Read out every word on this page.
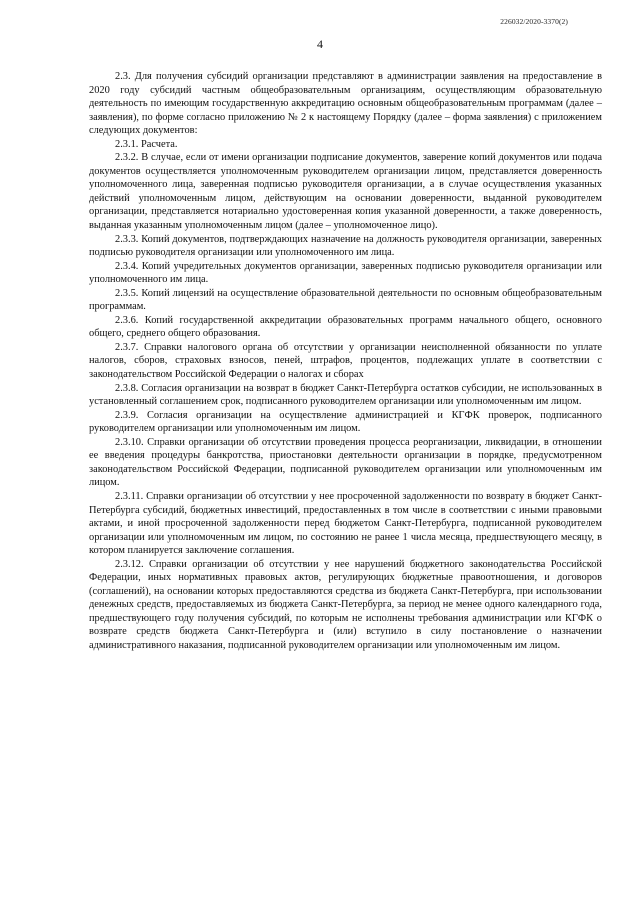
226032/2020-3370(2)
4

2.3. Для получения субсидий организации представляют в администрации заявления на предоставление в 2020 году субсидий частным общеобразовательным организациям, осуществляющим образовательную деятельность по имеющим государственную аккредитацию основным общеобразовательным программам (далее – заявления), по форме согласно приложению № 2 к настоящему Порядку (далее – форма заявления) с приложением следующих документов:

2.3.1. Расчета.

2.3.2. В случае, если от имени организации подписание документов, заверение копий документов или подача документов осуществляется уполномоченным руководителем организации лицом, представляется доверенность уполномоченного лица, заверенная подписью руководителя организации, а в случае осуществления указанных действий уполномоченным лицом, действующим на основании доверенности, выданной руководителем организации, представляется нотариально удостоверенная копия указанной доверенности, а также доверенность, выданная указанным уполномоченным лицом (далее – уполномоченное лицо).

2.3.3. Копий документов, подтверждающих назначение на должность руководителя организации, заверенных подписью руководителя организации или уполномоченного им лица.

2.3.4. Копий учредительных документов организации, заверенных подписью руководителя организации или уполномоченного им лица.

2.3.5. Копий лицензий на осуществление образовательной деятельности по основным общеобразовательным программам.

2.3.6. Копий государственной аккредитации образовательных программ начального общего, основного общего, среднего общего образования.

2.3.7. Справки налогового органа об отсутствии у организации неисполненной обязанности по уплате налогов, сборов, страховых взносов, пеней, штрафов, процентов, подлежащих уплате в соответствии с законодательством Российской Федерации о налогах и сборах

2.3.8. Согласия организации на возврат в бюджет Санкт-Петербурга остатков субсидии, не использованных в установленный соглашением срок, подписанного руководителем организации или уполномоченным им лицом.

2.3.9. Согласия организации на осуществление администрацией и КГФК проверок, подписанного руководителем организации или уполномоченным им лицом.

2.3.10. Справки организации об отсутствии проведения процесса реорганизации, ликвидации, в отношении ее введения процедуры банкротства, приостановки деятельности организации в порядке, предусмотренном законодательством Российской Федерации, подписанной руководителем организации или уполномоченным им лицом.

2.3.11. Справки организации об отсутствии у нее просроченной задолженности по возврату в бюджет Санкт-Петербурга субсидий, бюджетных инвестиций, предоставленных в том числе в соответствии с иными правовыми актами, и иной просроченной задолженности перед бюджетом Санкт-Петербурга, подписанной руководителем организации или уполномоченным им лицом, по состоянию не ранее 1 числа месяца, предшествующего месяцу, в котором планируется заключение соглашения.

2.3.12. Справки организации об отсутствии у нее нарушений бюджетного законодательства Российской Федерации, иных нормативных правовых актов, регулирующих бюджетные правоотношения, и договоров (соглашений), на основании которых предоставляются средства из бюджета Санкт-Петербурга, при использовании денежных средств, предоставляемых из бюджета Санкт-Петербурга, за период не менее одного календарного года, предшествующего году получения субсидий, по которым не исполнены требования администрации или КГФК о возврате средств бюджета Санкт-Петербурга и (или) вступило в силу постановление о назначении административного наказания, подписанной руководителем организации или уполномоченным им лицом.
